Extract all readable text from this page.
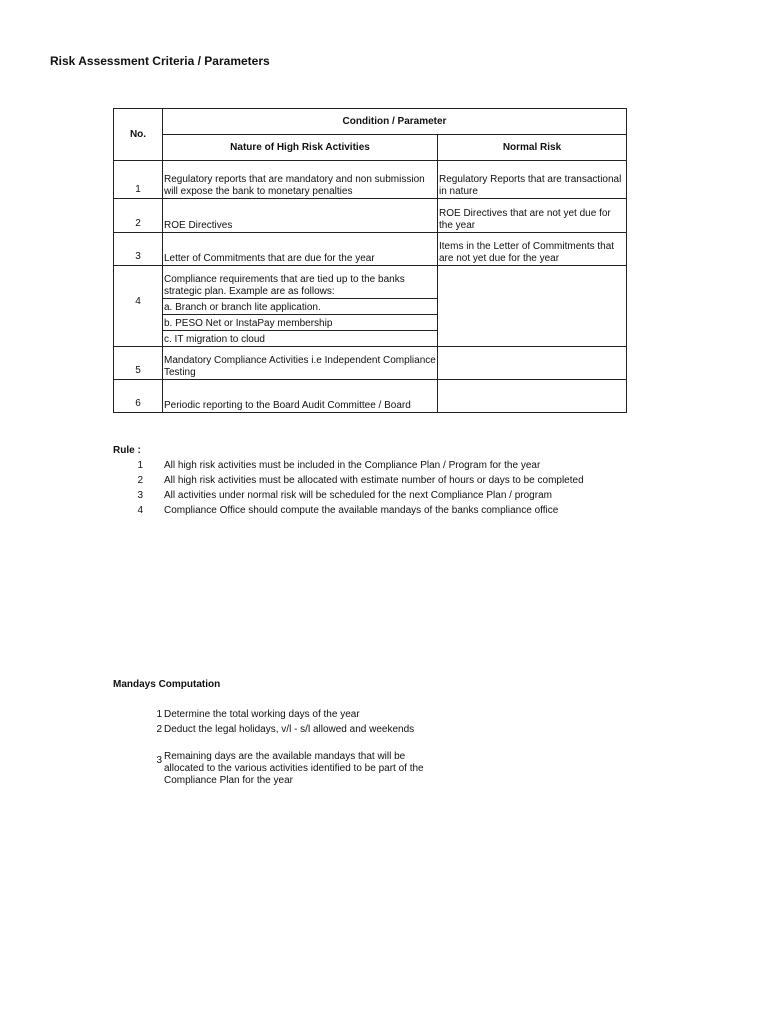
Risk Assessment Criteria / Parameters
No.	Condition / Parameter	
	Nature of High Risk Activities	Normal Risk
1	Regulatory reports that are mandatory and non submission will expose the bank to monetary penalties	Regulatory Reports that are transactional in nature
2	ROE Directives	ROE Directives that are not yet due for the year
3	Letter of Commitments that are due for the year	Items in the Letter of Commitments that are not yet due for the year
4	Compliance requirements that are tied up to the banks strategic plan. Example are as follows:	
	a. Branch or branch lite application.	
	b. PESO Net or InstaPay membership	
	c. IT migration to cloud	
5	Mandatory Compliance Activities i.e Independent Compliance Testing	
6	Periodic reporting to the Board Audit Committee / Board	
Rule :
1 All high risk activities must be included in the Compliance Plan / Program for the year
2 All high risk activities must be allocated with estimate number of hours or days to be completed
3 All activities under normal risk will be scheduled for the next Compliance Plan / program
4 Compliance Office should compute the available mandays of the banks compliance office
Mandays Computation
1 Determine the total working days of the year
2 Deduct the legal holidays, v/l - s/l allowed and weekends
3 Remaining days are the available mandays that will be allocated to the various activities identified to be part of the Compliance Plan for the year
